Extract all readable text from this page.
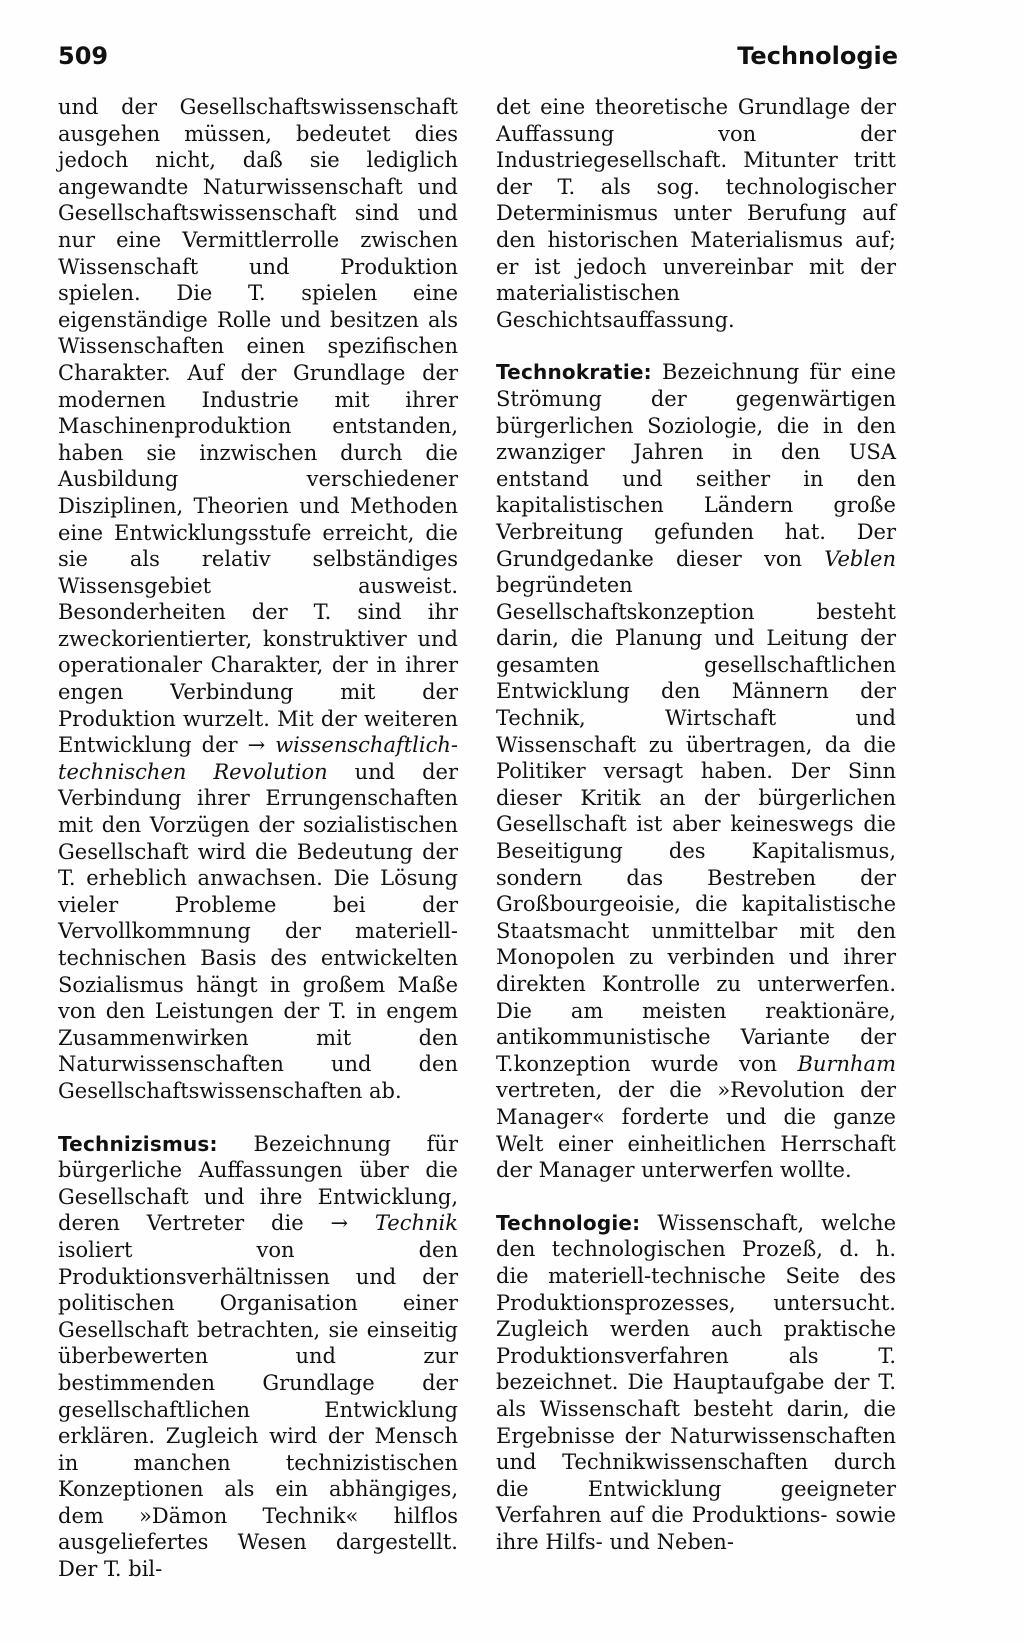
509	Technologie

und der Gesellschaftswissenschaft ausgehen müssen, bedeutet dies jedoch nicht, daß sie lediglich angewandte Naturwissenschaft und Gesellschaftswissenschaft sind und nur eine Vermittlerrolle zwischen Wissenschaft und Produktion spielen. Die T. spielen eine eigenständige Rolle und besitzen als Wissenschaften einen spezifischen Charakter. Auf der Grundlage der modernen Industrie mit ihrer Maschinenproduktion entstanden, haben sie inzwischen durch die Ausbildung verschiedener Disziplinen, Theorien und Methoden eine Entwicklungsstufe erreicht, die sie als relativ selbständiges Wissensgebiet ausweist. Besonderheiten der T. sind ihr zweckorientierter, konstruktiver und operationaler Charakter, der in ihrer engen Verbindung mit der Produktion wurzelt. Mit der weiteren Entwicklung der → wissenschaftlich-technischen Revolution und der Verbindung ihrer Errungenschaften mit den Vorzügen der sozialistischen Gesellschaft wird die Bedeutung der T. erheblich anwachsen. Die Lösung vieler Probleme bei der Vervollkommnung der materiell-technischen Basis des entwickelten Sozialismus hängt in großem Maße von den Leistungen der T. in engem Zusammenwirken mit den Naturwissenschaften und den Gesellschaftswissenschaften ab.

Technizismus: Bezeichnung für bürgerliche Auffassungen über die Gesellschaft und ihre Entwicklung, deren Vertreter die → Technik isoliert von den Produktionsverhältnissen und der politischen Organisation einer Gesellschaft betrachten, sie einseitig überbewerten und zur bestimmenden Grundlage der gesellschaftlichen Entwicklung erklären. Zugleich wird der Mensch in manchen technizistischen Konzeptionen als ein abhängiges, dem »Dämon Technik« hilflos ausgeliefertes Wesen dargestellt. Der T. bil-

det eine theoretische Grundlage der Auffassung von der Industriegesellschaft. Mitunter tritt der T. als sog. technologischer Determinismus unter Berufung auf den historischen Materialismus auf; er ist jedoch unvereinbar mit der materialistischen Geschichtsauffassung.

Technokratie: Bezeichnung für eine Strömung der gegenwärtigen bürgerlichen Soziologie, die in den zwanziger Jahren in den USA entstand und seither in den kapitalistischen Ländern große Verbreitung gefunden hat. Der Grundgedanke dieser von Veblen begründeten Gesellschaftskonzeption besteht darin, die Planung und Leitung der gesamten gesellschaftlichen Entwicklung den Männern der Technik, Wirtschaft und Wissenschaft zu übertragen, da die Politiker versagt haben. Der Sinn dieser Kritik an der bürgerlichen Gesellschaft ist aber keineswegs die Beseitigung des Kapitalismus, sondern das Bestreben der Großbourgeoisie, die kapitalistische Staatsmacht unmittelbar mit den Monopolen zu verbinden und ihrer direkten Kontrolle zu unterwerfen. Die am meisten reaktionäre, antikommunistische Variante der T.konzeption wurde von Burnham vertreten, der die »Revolution der Manager« forderte und die ganze Welt einer einheitlichen Herrschaft der Manager unterwerfen wollte.

Technologie: Wissenschaft, welche den technologischen Prozeß, d. h. die materiell-technische Seite des Produktionsprozesses, untersucht. Zugleich werden auch praktische Produktionsverfahren als T. bezeichnet. Die Hauptaufgabe der T. als Wissenschaft besteht darin, die Ergebnisse der Naturwissenschaften und Technikwissenschaften durch die Entwicklung geeigneter Verfahren auf die Produktions- sowie ihre Hilfs- und Neben-
